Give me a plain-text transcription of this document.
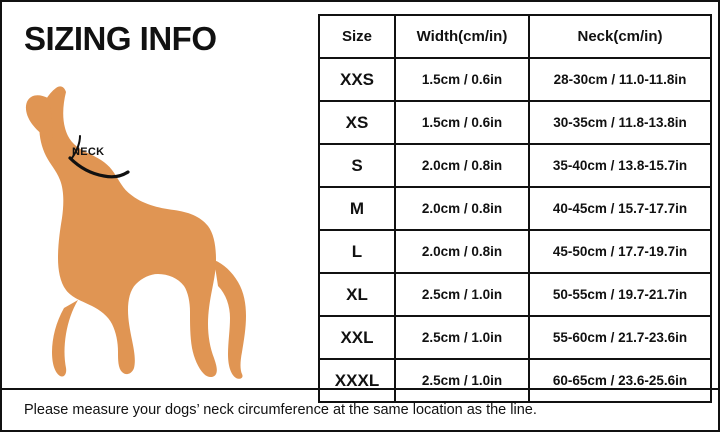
SIZING INFO
NECK
Size	Width(cm/in)	Neck(cm/in)
XXS	1.5cm / 0.6in	28-30cm / 11.0-11.8in
XS	1.5cm / 0.6in	30-35cm / 11.8-13.8in
S	2.0cm / 0.8in	35-40cm / 13.8-15.7in
M	2.0cm / 0.8in	40-45cm / 15.7-17.7in
L	2.0cm / 0.8in	45-50cm / 17.7-19.7in
XL	2.5cm / 1.0in	50-55cm / 19.7-21.7in
XXL	2.5cm / 1.0in	55-60cm / 21.7-23.6in
XXXL	2.5cm / 1.0in	60-65cm / 23.6-25.6in
Please measure your dogs’ neck circumference at the same location as the line.
